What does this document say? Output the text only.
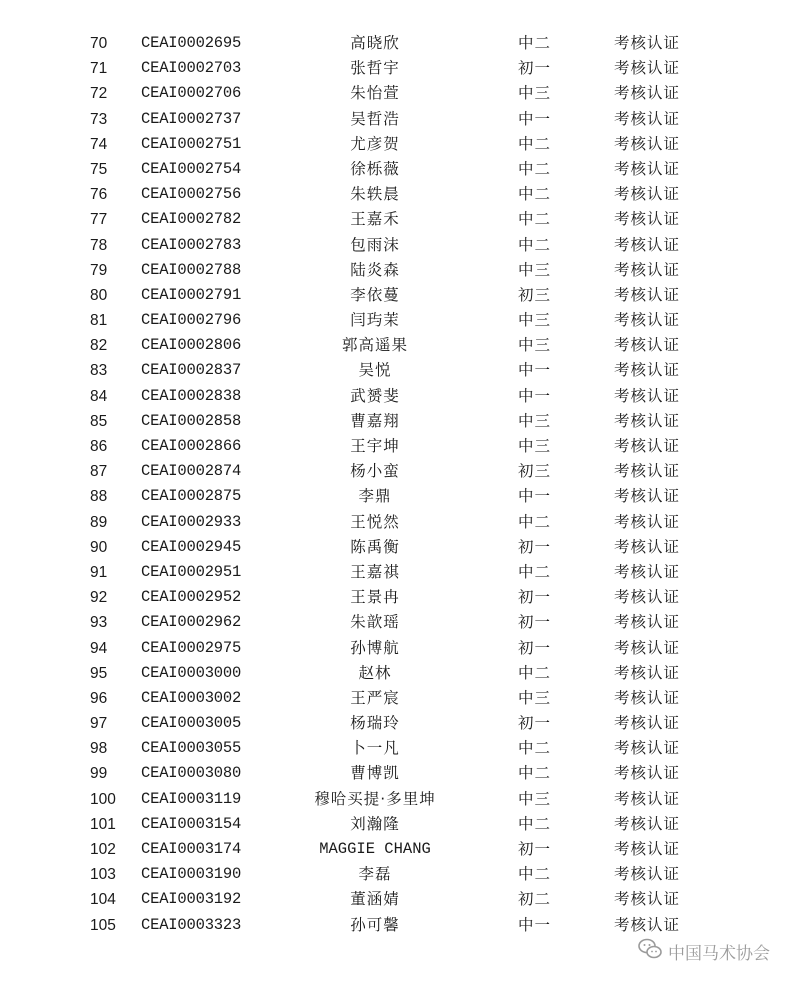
70 CEAI0002695	高晓欣	中二	考核认证
71 CEAI0002703	张哲宇	初一	考核认证
72 CEAI0002706	朱怡萱	中三	考核认证
73 CEAI0002737	吴哲浩	中一	考核认证
74 CEAI0002751	尤彦贺	中二	考核认证
75 CEAI0002754	徐栎薇	中二	考核认证
76 CEAI0002756	朱轶晨	中二	考核认证
77 CEAI0002782	王嘉禾	中二	考核认证
78 CEAI0002783	包雨沫	中二	考核认证
79 CEAI0002788	陆炎森	中三	考核认证
80 CEAI0002791	李依蔓	初三	考核认证
81 CEAI0002796	闫玙茉	中三	考核认证
82 CEAI0002806	郭高遥果	中三	考核认证
83 CEAI0002837	吴悦	中一	考核认证
84 CEAI0002838	武赟斐	中一	考核认证
85 CEAI0002858	曹嘉翔	中三	考核认证
86 CEAI0002866	王宇坤	中三	考核认证
87 CEAI0002874	杨小蛮	初三	考核认证
88 CEAI0002875	李鼎	中一	考核认证
89 CEAI0002933	王悦然	中二	考核认证
90 CEAI0002945	陈禹衡	初一	考核认证
91 CEAI0002951	王嘉祺	中二	考核认证
92 CEAI0002952	王景冉	初一	考核认证
93 CEAI0002962	朱歆瑶	初一	考核认证
94 CEAI0002975	孙博航	初一	考核认证
95 CEAI0003000	赵林	中二	考核认证
96 CEAI0003002	王严宸	中三	考核认证
97 CEAI0003005	杨瑞玲	初一	考核认证
98 CEAI0003055	卜一凡	中二	考核认证
99 CEAI0003080	曹博凯	中二	考核认证
100 CEAI0003119	穆哈买提·多里坤	中三	考核认证
101 CEAI0003154	刘瀚隆	中二	考核认证
102 CEAI0003174	MAGGIE CHANG	初一	考核认证
103 CEAI0003190	李磊	中二	考核认证
104 CEAI0003192	董涵婧	初二	考核认证
105 CEAI0003323	孙可馨	中一	考核认证
中国马术协会
